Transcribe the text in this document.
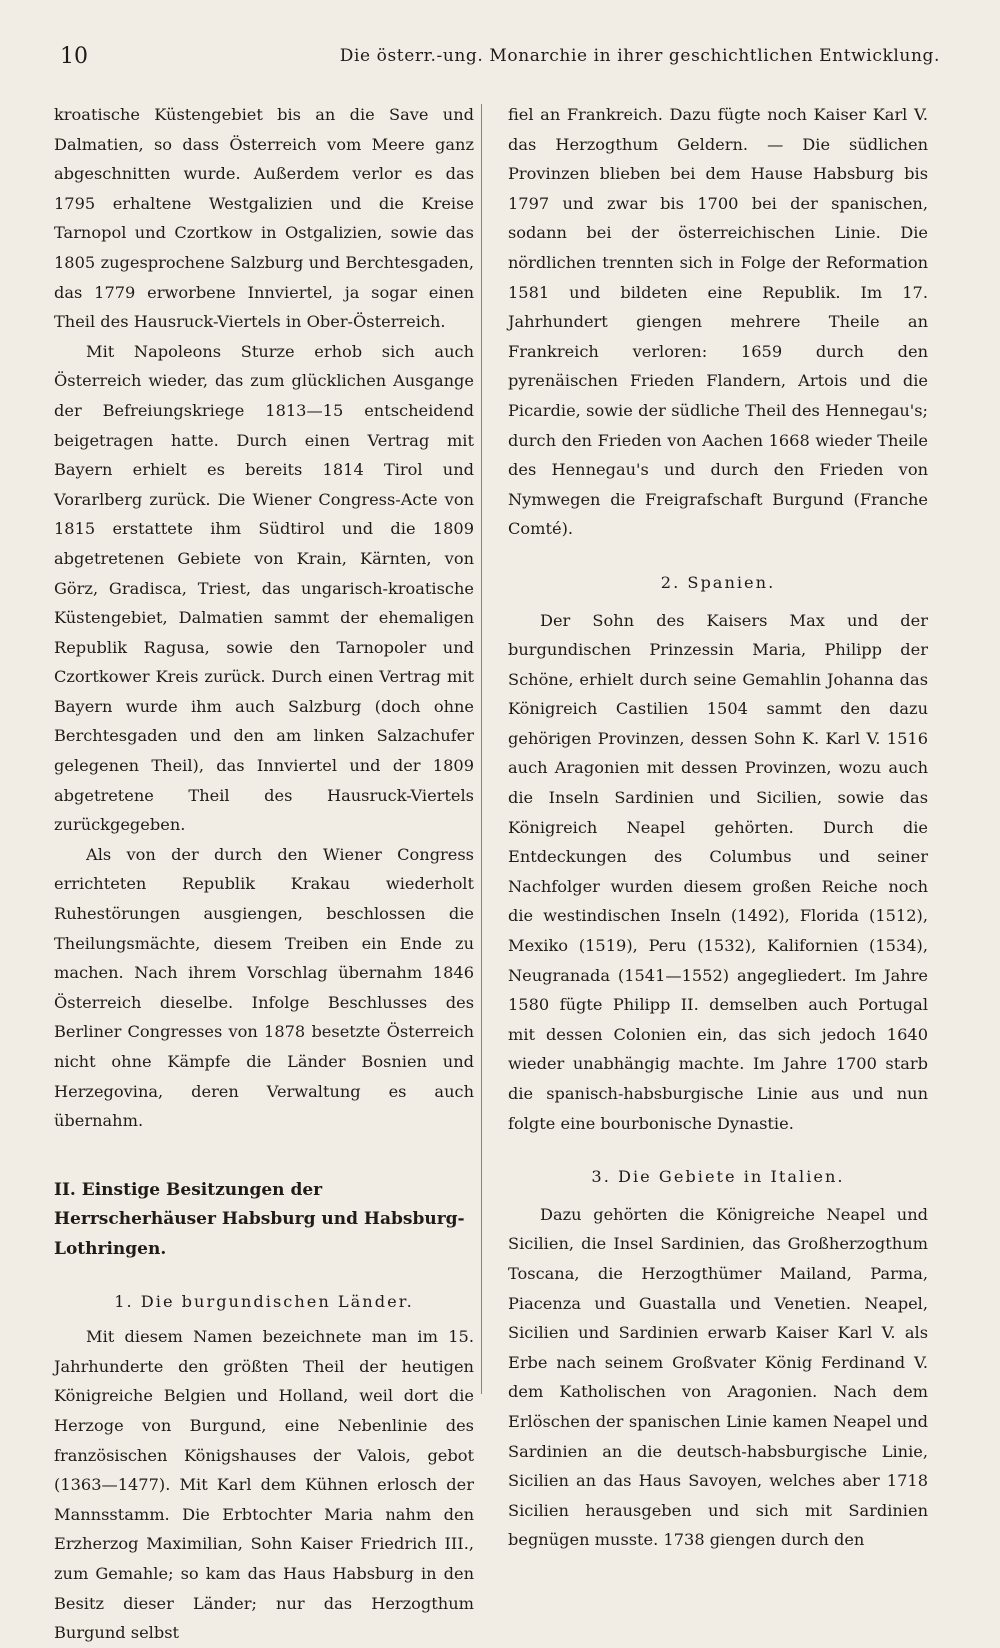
10	Die österr.-ung. Monarchie in ihrer geschichtlichen Entwicklung.

kroatische Küstengebiet bis an die Save und Dalmatien, so dass Österreich vom Meere ganz abgeschnitten wurde. Außerdem verlor es das 1795 erhaltene Westgalizien und die Kreise Tarnopol und Czortkow in Ostgalizien, sowie das 1805 zugesprochene Salzburg und Berchtesgaden, das 1779 erworbene Innviertel, ja sogar einen Theil des Hausruck-Viertels in Ober-Österreich.

Mit Napoleons Sturze erhob sich auch Österreich wieder, das zum glücklichen Ausgange der Befreiungskriege 1813—15 entscheidend beigetragen hatte. Durch einen Vertrag mit Bayern erhielt es bereits 1814 Tirol und Vorarlberg zurück. Die Wiener Congress-Acte von 1815 erstattete ihm Südtirol und die 1809 abgetretenen Gebiete von Krain, Kärnten, von Görz, Gradisca, Triest, das ungarisch-kroatische Küstengebiet, Dalmatien sammt der ehemaligen Republik Ragusa, sowie den Tarnopoler und Czortkower Kreis zurück. Durch einen Vertrag mit Bayern wurde ihm auch Salzburg (doch ohne Berchtesgaden und den am linken Salzachufer gelegenen Theil), das Innviertel und der 1809 abgetretene Theil des Hausruck-Viertels zurückgegeben.

Als von der durch den Wiener Congress errichteten Republik Krakau wiederholt Ruhestörungen ausgiengen, beschlossen die Theilungsmächte, diesem Treiben ein Ende zu machen. Nach ihrem Vorschlag übernahm 1846 Österreich dieselbe. Infolge Beschlusses des Berliner Congresses von 1878 besetzte Österreich nicht ohne Kämpfe die Länder Bosnien und Herzegovina, deren Verwaltung es auch übernahm.

II. Einstige Besitzungen der Herrscherhäuser Habsburg und Habsburg-Lothringen.
1. Die burgundischen Länder.

Mit diesem Namen bezeichnete man im 15. Jahrhunderte den größten Theil der heutigen Königreiche Belgien und Holland, weil dort die Herzoge von Burgund, eine Nebenlinie des französischen Königshauses der Valois, gebot (1363—1477). Mit Karl dem Kühnen erlosch der Mannsstamm. Die Erbtochter Maria nahm den Erzherzog Maximilian, Sohn Kaiser Friedrich III., zum Gemahle; so kam das Haus Habsburg in den Besitz dieser Länder; nur das Herzogthum Burgund selbst

fiel an Frankreich. Dazu fügte noch Kaiser Karl V. das Herzogthum Geldern. — Die südlichen Provinzen blieben bei dem Hause Habsburg bis 1797 und zwar bis 1700 bei der spanischen, sodann bei der österreichischen Linie. Die nördlichen trennten sich in Folge der Reformation 1581 und bildeten eine Republik. Im 17. Jahrhundert giengen mehrere Theile an Frankreich verloren: 1659 durch den pyrenäischen Frieden Flandern, Artois und die Picardie, sowie der südliche Theil des Hennegau's; durch den Frieden von Aachen 1668 wieder Theile des Hennegau's und durch den Frieden von Nymwegen die Freigrafschaft Burgund (Franche Comté).

2. Spanien.

Der Sohn des Kaisers Max und der burgundischen Prinzessin Maria, Philipp der Schöne, erhielt durch seine Gemahlin Johanna das Königreich Castilien 1504 sammt den dazu gehörigen Provinzen, dessen Sohn K. Karl V. 1516 auch Aragonien mit dessen Provinzen, wozu auch die Inseln Sardinien und Sicilien, sowie das Königreich Neapel gehörten. Durch die Entdeckungen des Columbus und seiner Nachfolger wurden diesem großen Reiche noch die westindischen Inseln (1492), Florida (1512), Mexiko (1519), Peru (1532), Kalifornien (1534), Neugranada (1541—1552) angegliedert. Im Jahre 1580 fügte Philipp II. demselben auch Portugal mit dessen Colonien ein, das sich jedoch 1640 wieder unabhängig machte. Im Jahre 1700 starb die spanisch-habsburgische Linie aus und nun folgte eine bourbonische Dynastie.

3. Die Gebiete in Italien.

Dazu gehörten die Königreiche Neapel und Sicilien, die Insel Sardinien, das Großherzogthum Toscana, die Herzogthümer Mailand, Parma, Piacenza und Guastalla und Venetien. Neapel, Sicilien und Sardinien erwarb Kaiser Karl V. als Erbe nach seinem Großvater König Ferdinand V. dem Katholischen von Aragonien. Nach dem Erlöschen der spanischen Linie kamen Neapel und Sardinien an die deutsch-habsburgische Linie, Sicilien an das Haus Savoyen, welches aber 1718 Sicilien herausgeben und sich mit Sardinien begnügen musste. 1738 giengen durch den
